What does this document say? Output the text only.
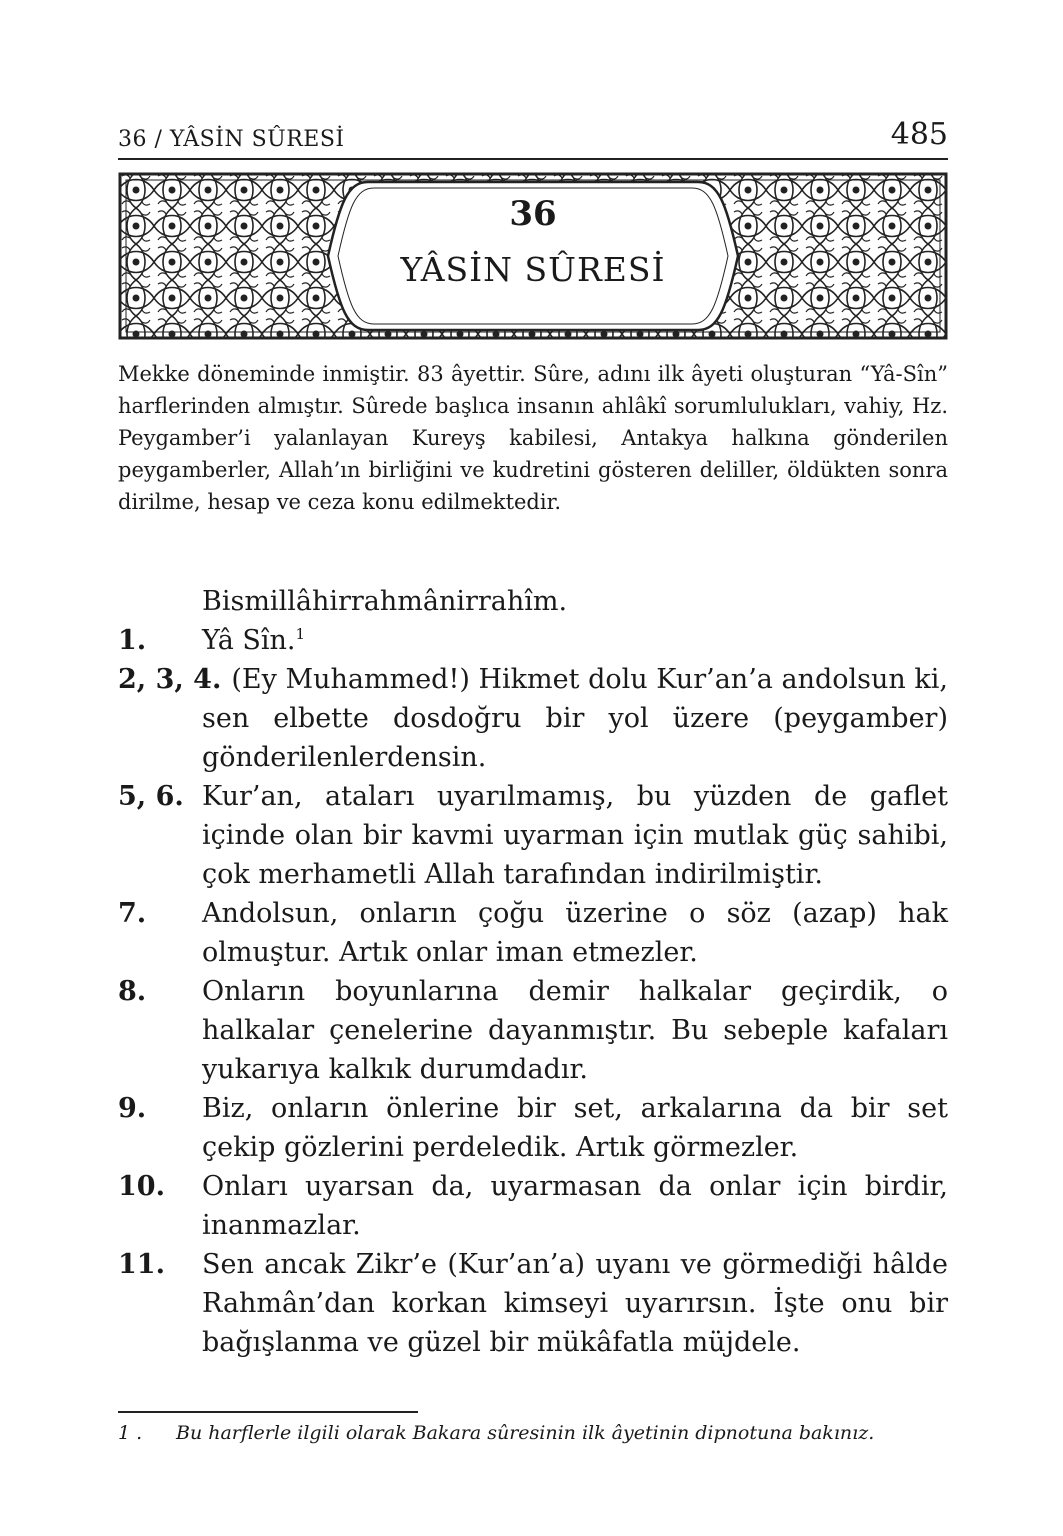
36 / YÂSİN SÛRESİ	485
36
YÂSİN SÛRESİ

Mekke döneminde inmiştir. 83 âyettir. Sûre, adını ilk âyeti oluşturan “Yâ-Sîn” harflerinden almıştır. Sûrede başlıca insanın ahlâkî sorumlulukları, vahiy, Hz. Peygamber’i yalanlayan Kureyş kabilesi, Antakya halkına gönderilen peygamberler, Allah’ın birliğini ve kudretini gösteren deliller, öldükten sonra dirilme, hesap ve ceza konu edilmektedir.

Bismillâhirrahmânirrahîm.
1. Yâ Sîn.$^1$
2, 3, 4. (Ey Muhammed!) Hikmet dolu Kur’an’a andolsun ki, sen elbette dosdoğru bir yol üzere (peygamber) gönderilenlerdensin.
5, 6. Kur’an, ataları uyarılmamış, bu yüzden de gaflet içinde olan bir kavmi uyarman için mutlak güç sahibi, çok merhametli Allah tarafından indirilmiştir.
7. Andolsun, onların çoğu üzerine o söz (azap) hak olmuştur. Artık onlar iman etmezler.
8. Onların boyunlarına demir halkalar geçirdik, o halkalar çenelerine dayanmıştır. Bu sebeple kafaları yukarıya kalkık durumdadır.
9. Biz, onların önlerine bir set, arkalarına da bir set çekip gözlerini perdeledik. Artık görmezler.
10. Onları uyarsan da, uyarmasan da onlar için birdir, inanmazlar.
11. Sen ancak Zikr’e (Kur’an’a) uyanı ve görmediği hâlde Rahmân’dan korkan kimseyi uyarırsın. İşte onu bir bağışlanma ve güzel bir mükâfatla müjdele.
1 . Bu harflerle ilgili olarak Bakara sûresinin ilk âyetinin dipnotuna bakınız.
